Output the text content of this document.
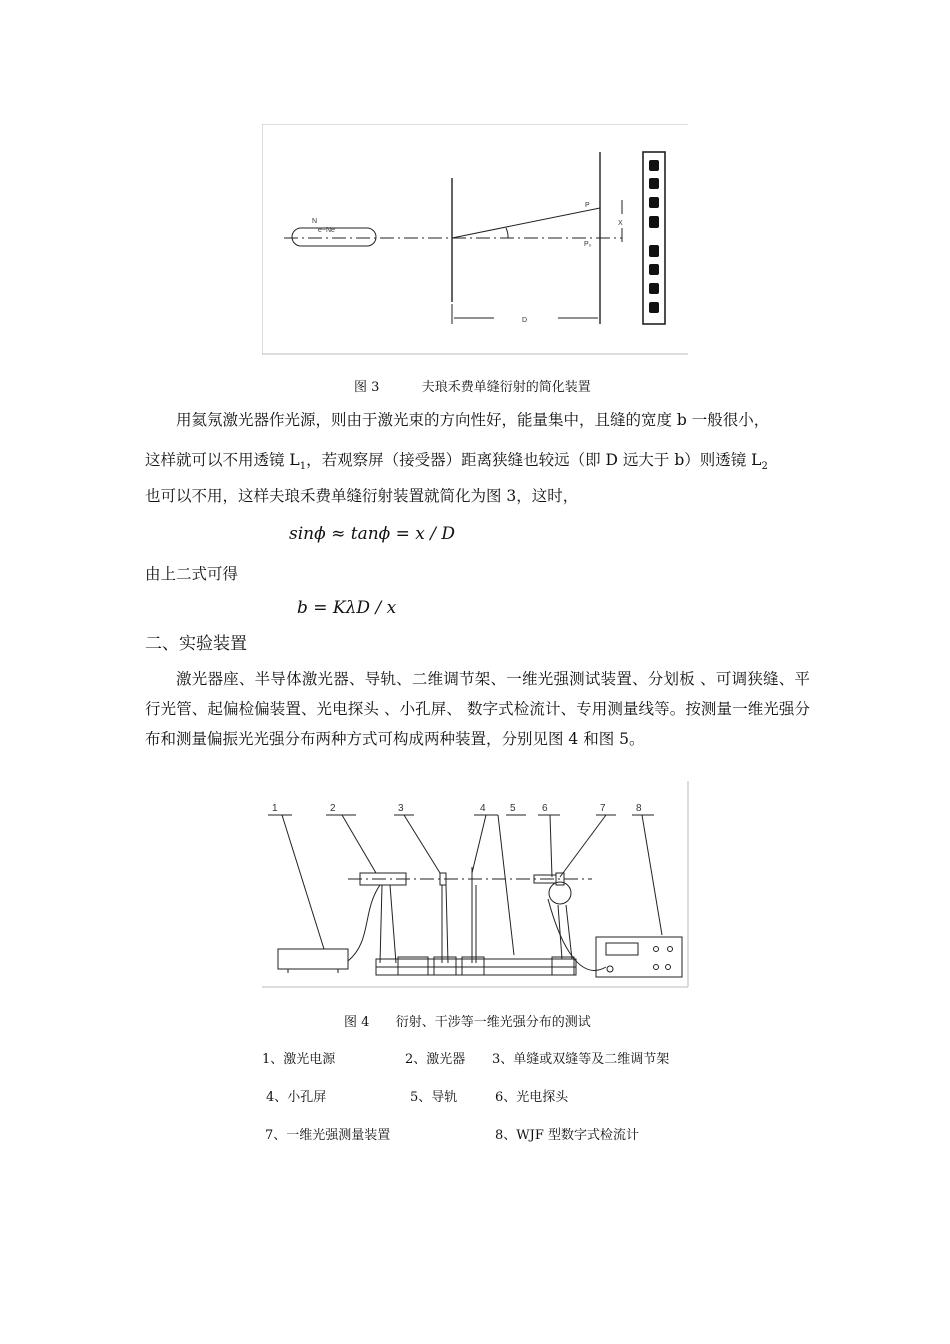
N
e−Ne
P
X
P₀
D
图 3	夫琅禾费单缝衍射的简化装置
用氦氖激光器作光源，则由于激光束的方向性好，能量集中，且缝的宽度 b 一般很小，
这样就可以不用透镜 $L_1$，若观察屏（接受器）距离狭缝也较远（即 D 远大于 b）则透镜 $L_2$
也可以不用，这样夫琅禾费单缝衍射装置就简化为图 3，这时，
sinϕ ≈ tanϕ = x / D
由上二式可得
b = KλD / x
二、实验装置
激光器座、半导体激光器、导轨、二维调节架、一维光强测试装置、分划板 、可调狭缝、平行光管、起偏检偏装置、光电探头 、小孔屏、 数字式检流计、专用测量线等。按测量一维光强分布和测量偏振光光强分布两种方式可构成两种装置，分别见图 4 和图 5。
1	2	3	4 5	6	7	8
图 4 衍射、干涉等一维光强分布的测试
1、激光电源	2、激光器 3、单缝或双缝等及二维调节架
4、小孔屏	5、导轨	6、光电探头
7、一维光强测量装置	8、WJF 型数字式检流计
